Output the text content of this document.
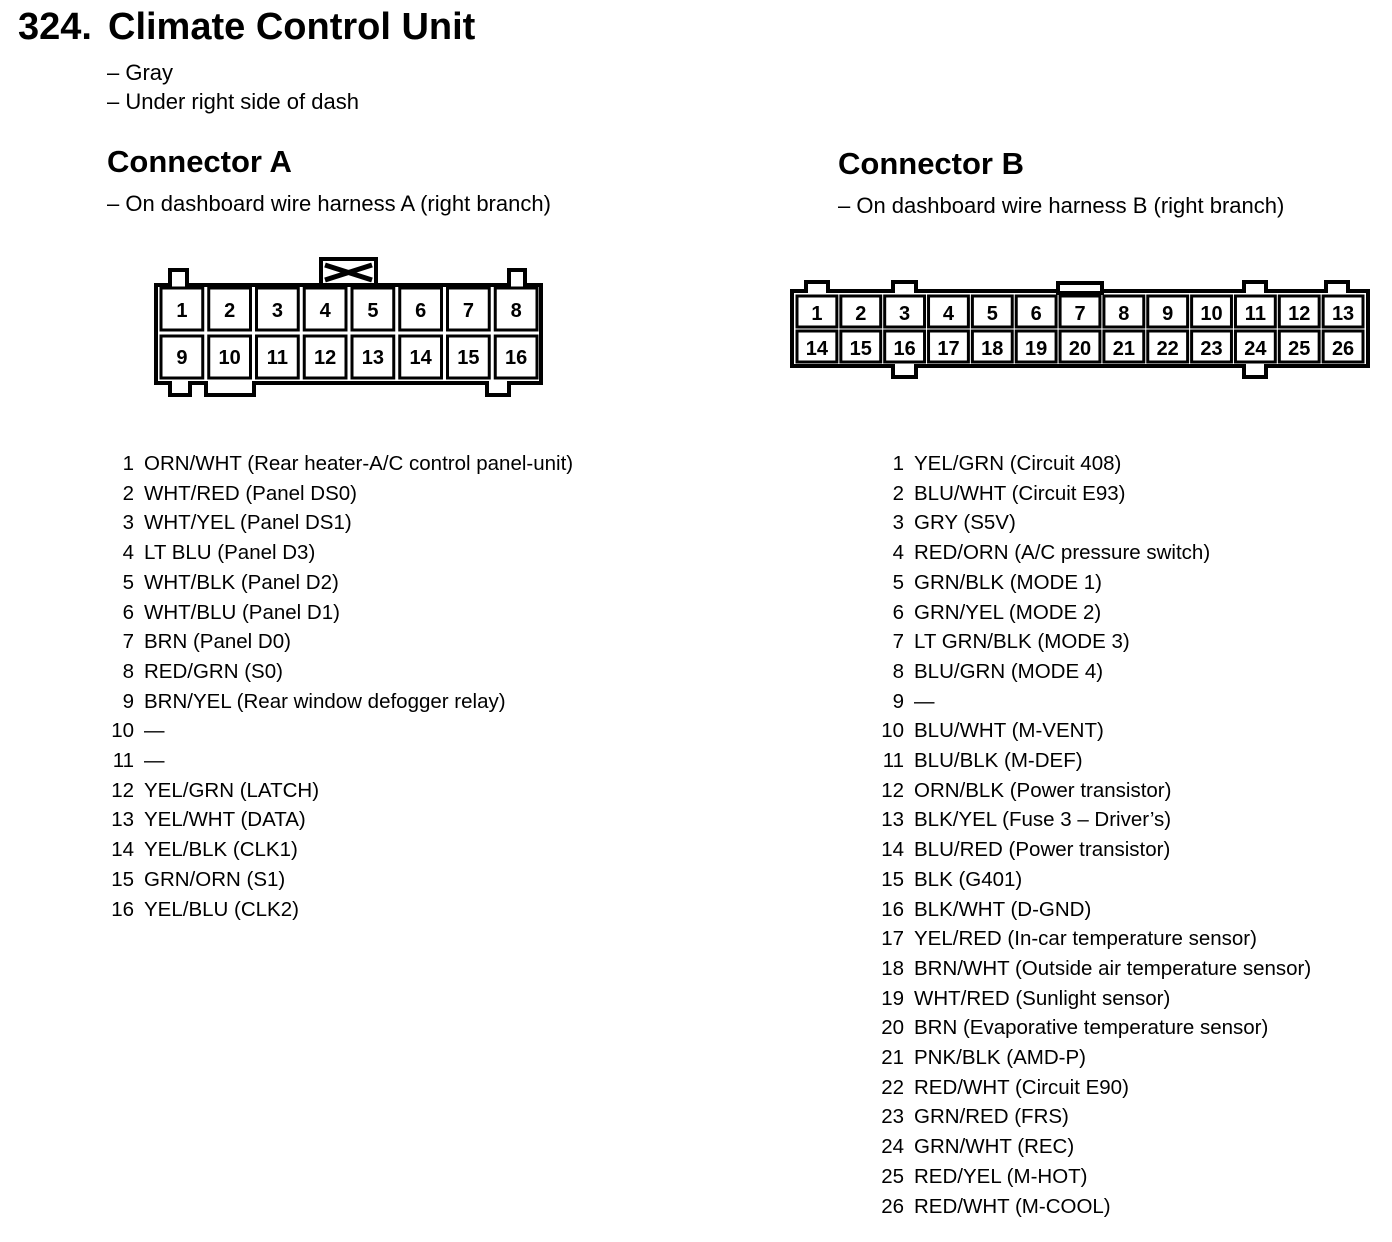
324. Climate Control Unit

– Gray

– Under right side of dash

Connector A

– On dashboard wire harness A (right branch)

Connector B

– On dashboard wire harness B (right branch)

1
9
2
10
3
11
4
12
5
13
6
14
7
15
8
16
1
14
2
15
3
16
4
17
5
18
6
19
7
20
8
21
9
22
10
23
11
24
12
25
13
26
1 ORN/WHT (Rear heater-A/C control panel-unit)
2 WHT/RED (Panel DS0)
3 WHT/YEL (Panel DS1)
4 LT BLU (Panel D3)
5 WHT/BLK (Panel D2)
6 WHT/BLU (Panel D1)
7 BRN (Panel D0)
8 RED/GRN (S0)
9 BRN/YEL (Rear window defogger relay)
10 —
11 —
12 YEL/GRN (LATCH)
13 YEL/WHT (DATA)
14 YEL/BLK (CLK1)
15 GRN/ORN (S1)
16 YEL/BLU (CLK2)
1 YEL/GRN (Circuit 408)
2 BLU/WHT (Circuit E93)
3 GRY (S5V)
4 RED/ORN (A/C pressure switch)
5 GRN/BLK (MODE 1)
6 GRN/YEL (MODE 2)
7 LT GRN/BLK (MODE 3)
8 BLU/GRN (MODE 4)
9 —
10 BLU/WHT (M-VENT)
11 BLU/BLK (M-DEF)
12 ORN/BLK (Power transistor)
13 BLK/YEL (Fuse 3 – Driver’s)
14 BLU/RED (Power transistor)
15 BLK (G401)
16 BLK/WHT (D-GND)
17 YEL/RED (In-car temperature sensor)
18 BRN/WHT (Outside air temperature sensor)
19 WHT/RED (Sunlight sensor)
20 BRN (Evaporative temperature sensor)
21 PNK/BLK (AMD-P)
22 RED/WHT (Circuit E90)
23 GRN/RED (FRS)
24 GRN/WHT (REC)
25 RED/YEL (M-HOT)
26 RED/WHT (M-COOL)
